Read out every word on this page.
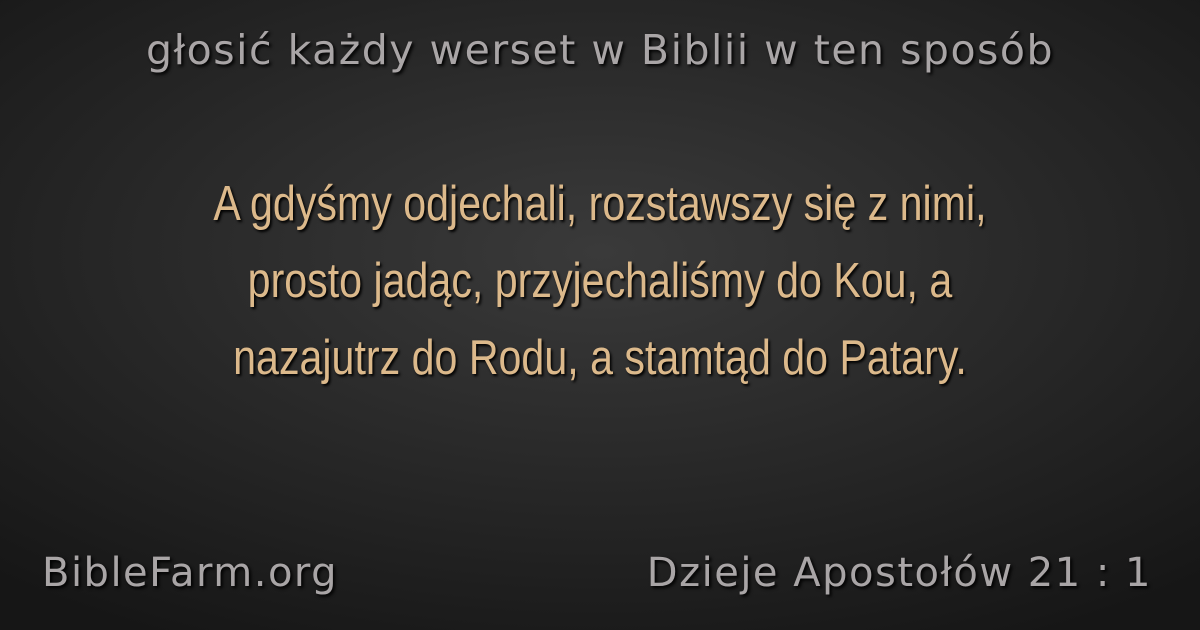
głosić każdy werset w Biblii w ten sposób
A gdyśmy odjechali, rozstawszy się z nimi,
prosto jadąc, przyjechaliśmy do Kou, a
nazajutrz do Rodu, a stamtąd do Patary.
BibleFarm.org	Dzieje Apostołów 21 : 1
